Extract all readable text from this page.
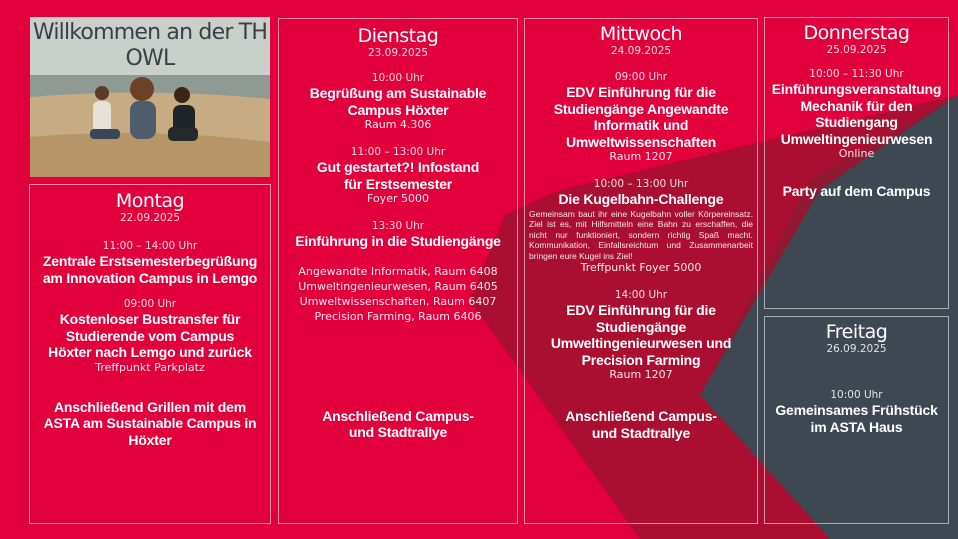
Willkommen an der TH OWL
Montag
22.09.2025
11:00 – 14:00 Uhr
Zentrale Erstsemesterbegrüßung am Innovation Campus in Lemgo
09:00 Uhr
Kostenloser Bustransfer für Studierende vom Campus Höxter nach Lemgo und zurück
Treffpunkt Parkplatz
Anschließend Grillen mit dem ASTA am Sustainable Campus in Höxter
Dienstag
23.09.2025
10:00 Uhr
Begrüßung am Sustainable Campus Höxter
Raum 4.306
11:00 – 13:00 Uhr
Gut gestartet?! Infostand für Erstsemester
Foyer 5000
13:30 Uhr
Einführung in die Studiengänge
Angewandte Informatik, Raum 6408
Umweltingenieurwesen, Raum 6405
Umweltwissenschaften, Raum 6407
Precision Farming, Raum 6406
Anschließend Campus- und Stadtrallye
Mittwoch
24.09.2025
09:00 Uhr
EDV Einführung für die Studiengänge Angewandte Informatik und Umweltwissenschaften
Raum 1207
10:00 – 13:00 Uhr
Die Kugelbahn-Challenge
Gemeinsam baut ihr eine Kugelbahn voller Körpereinsatz. Ziel ist es, mit Hilfsmitteln eine Bahn zu erschaffen, die nicht nur funktioniert, sondern richtig Spaß macht. Kommunikation, Einfallsreichtum und Zusammenarbeit bringen eure Kugel ins Ziel!
Treffpunkt Foyer 5000
14:00 Uhr
EDV Einführung für die Studiengänge Umweltingenieurwesen und Precision Farming
Raum 1207
Anschließend Campus- und Stadtrallye
Donnerstag
25.09.2025
10:00 – 11:30 Uhr
Einführungsveranstaltung Mechanik für den Studiengang Umweltingenieurwesen
Online
Party auf dem Campus
Freitag
26.09.2025
10:00 Uhr
Gemeinsames Frühstück im ASTA Haus
